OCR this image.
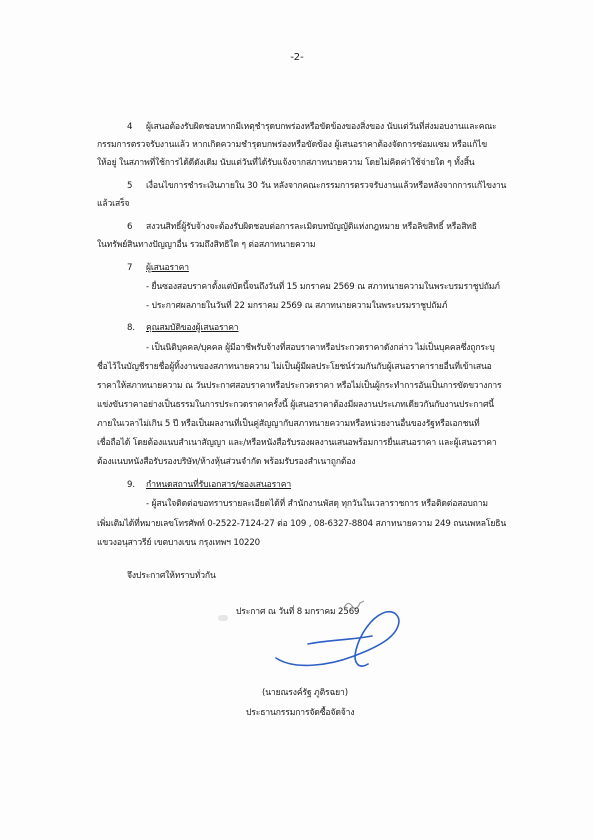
-2-
4 ผู้เสนอต้องรับผิดชอบหากมีเหตุชำรุดบกพร่องหรือขัดข้องของสิ่งของ นับแต่วันที่ส่งมอบงานและคณะ
กรรมการตรวจรับงานแล้ว หากเกิดความชำรุดบกพร่องหรือขัดข้อง ผู้เสนอราคาต้องจัดการซ่อมแซม หรือแก้ไข
ให้อยู่ ในสภาพที่ใช้การได้ดีดังเดิม นับแต่วันที่ได้รับแจ้งจากสภาทนายความ โดยไม่คิดค่าใช้จ่ายใด ๆ ทั้งสิ้น
5 เงื่อนไขการชำระเงินภายใน 30 วัน หลังจากคณะกรรมการตรวจรับงานแล้วหรือหลังจากการแก้ไขงาน
แล้วเสร็จ
6 สงวนสิทธิ์ผู้รับจ้างจะต้องรับผิดชอบต่อการละเมิดบทบัญญัติแห่งกฎหมาย หรือลิขสิทธิ์ หรือสิทธิ
ในทรัพย์สินทางปัญญาอื่น รวมถึงสิทธิใด ๆ ต่อสภาทนายความ
7 ผู้เสนอราคา
- ยื่นซองสอบราคาตั้งแต่บัดนี้จนถึงวันที่ 15 มกราคม 2569 ณ สภาทนายความในพระบรมราชูปถัมภ์
- ประกาศผลภายในวันที่ 22 มกราคม 2569 ณ สภาทนายความในพระบรมราชูปถัมภ์
8. คุณสมบัติของผู้เสนอราคา
- เป็นนิติบุคคล/บุคคล ผู้มีอาชีพรับจ้างที่สอบราคาหรือประกวดราคาดังกล่าว ไม่เป็นบุคคลซึ่งถูกระบุ
ชื่อไว้ในบัญชีรายชื่อผู้ทิ้งงานของสภาทนายความ ไม่เป็นผู้มีผลประโยชน์ร่วมกันกับผู้เสนอราคารายอื่นที่เข้าเสนอ
ราคาให้สภาทนายความ ณ วันประกาศสอบราคาหรือประกวดราคา หรือไม่เป็นผู้กระทำการอันเป็นการขัดขวางการ
แข่งขันราคาอย่างเป็นธรรมในการประกวดราคาครั้งนี้ ผู้เสนอราคาต้องมีผลงานประเภทเดียวกันกับงานประกาศนี้
ภายในเวลาไม่เกิน 5 ปี หรือเป็นผลงานที่เป็นคู่สัญญากับสภาทนายความหรือหน่วยงานอื่นของรัฐหรือเอกชนที่
เชื่อถือได้ โดยต้องแนบสำเนาสัญญา และ/หรือหนังสือรับรองผลงานเสนอพร้อมการยื่นเสนอราคา และผู้เสนอราคา
ต้องแนบหนังสือรับรองบริษัท/ห้างหุ้นส่วนจำกัด พร้อมรับรองสำเนาถูกต้อง
9. กำหนดสถานที่รับเอกสาร/ซองเสนอราคา
- ผู้สนใจติดต่อขอทราบรายละเอียดได้ที่ สำนักงานพัสดุ ทุกวันในเวลาราชการ หรือติดต่อสอบถาม
เพิ่มเติมได้ที่หมายเลขโทรศัพท์ 0-2522-7124-27 ต่อ 109 , 08-6327-8804 สภาทนายความ 249 ถนนพหลโยธิน
แขวงอนุสาวรีย์ เขตบางเขน กรุงเทพฯ 10220
จึงประกาศให้ทราบทั่วกัน
ประกาศ ณ วันที่ 8 มกราคม 2569
(นายณรงค์รัฐ ภูติรฉยา)
ประธานกรรมการจัดซื้อจัดจ้าง
